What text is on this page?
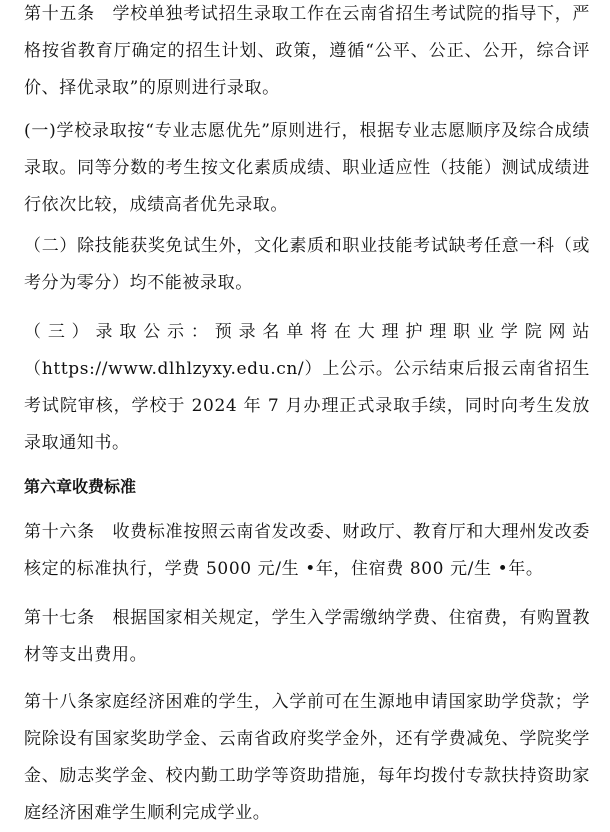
第十五条　学校单独考试招生录取工作在云南省招生考试院的指导下，严格按省教育厅确定的招生计划、政策，遵循“公平、公正、公开，综合评价、择优录取”的原则进行录取。

(一)学校录取按“专业志愿优先”原则进行，根据专业志愿顺序及综合成绩录取。同等分数的考生按文化素质成绩、职业适应性（技能）测试成绩进行依次比较，成绩高者优先录取。

（二）除技能获奖免试生外，文化素质和职业技能考试缺考任意一科（或考分为零分）均不能被录取。

（三）录取公示：预录名单将在大理护理职业学院网站（https://www.dlhlzyxy.edu.cn/）上公示。公示结束后报云南省招生考试院审核，学校于 2024 年 7 月办理正式录取手续，同时向考生发放录取通知书。

第六章收费标准

第十六条　收费标准按照云南省发改委、财政厅、教育厅和大理州发改委核定的标准执行，学费 5000 元/生 •年，住宿费 800 元/生 •年。

第十七条　根据国家相关规定，学生入学需缴纳学费、住宿费，有购置教材等支出费用。

第十八条家庭经济困难的学生，入学前可在生源地申请国家助学贷款；学院除设有国家奖助学金、云南省政府奖学金外，还有学费减免、学院奖学金、励志奖学金、校内勤工助学等资助措施，每年均拨付专款扶持资助家庭经济困难学生顺利完成学业。
